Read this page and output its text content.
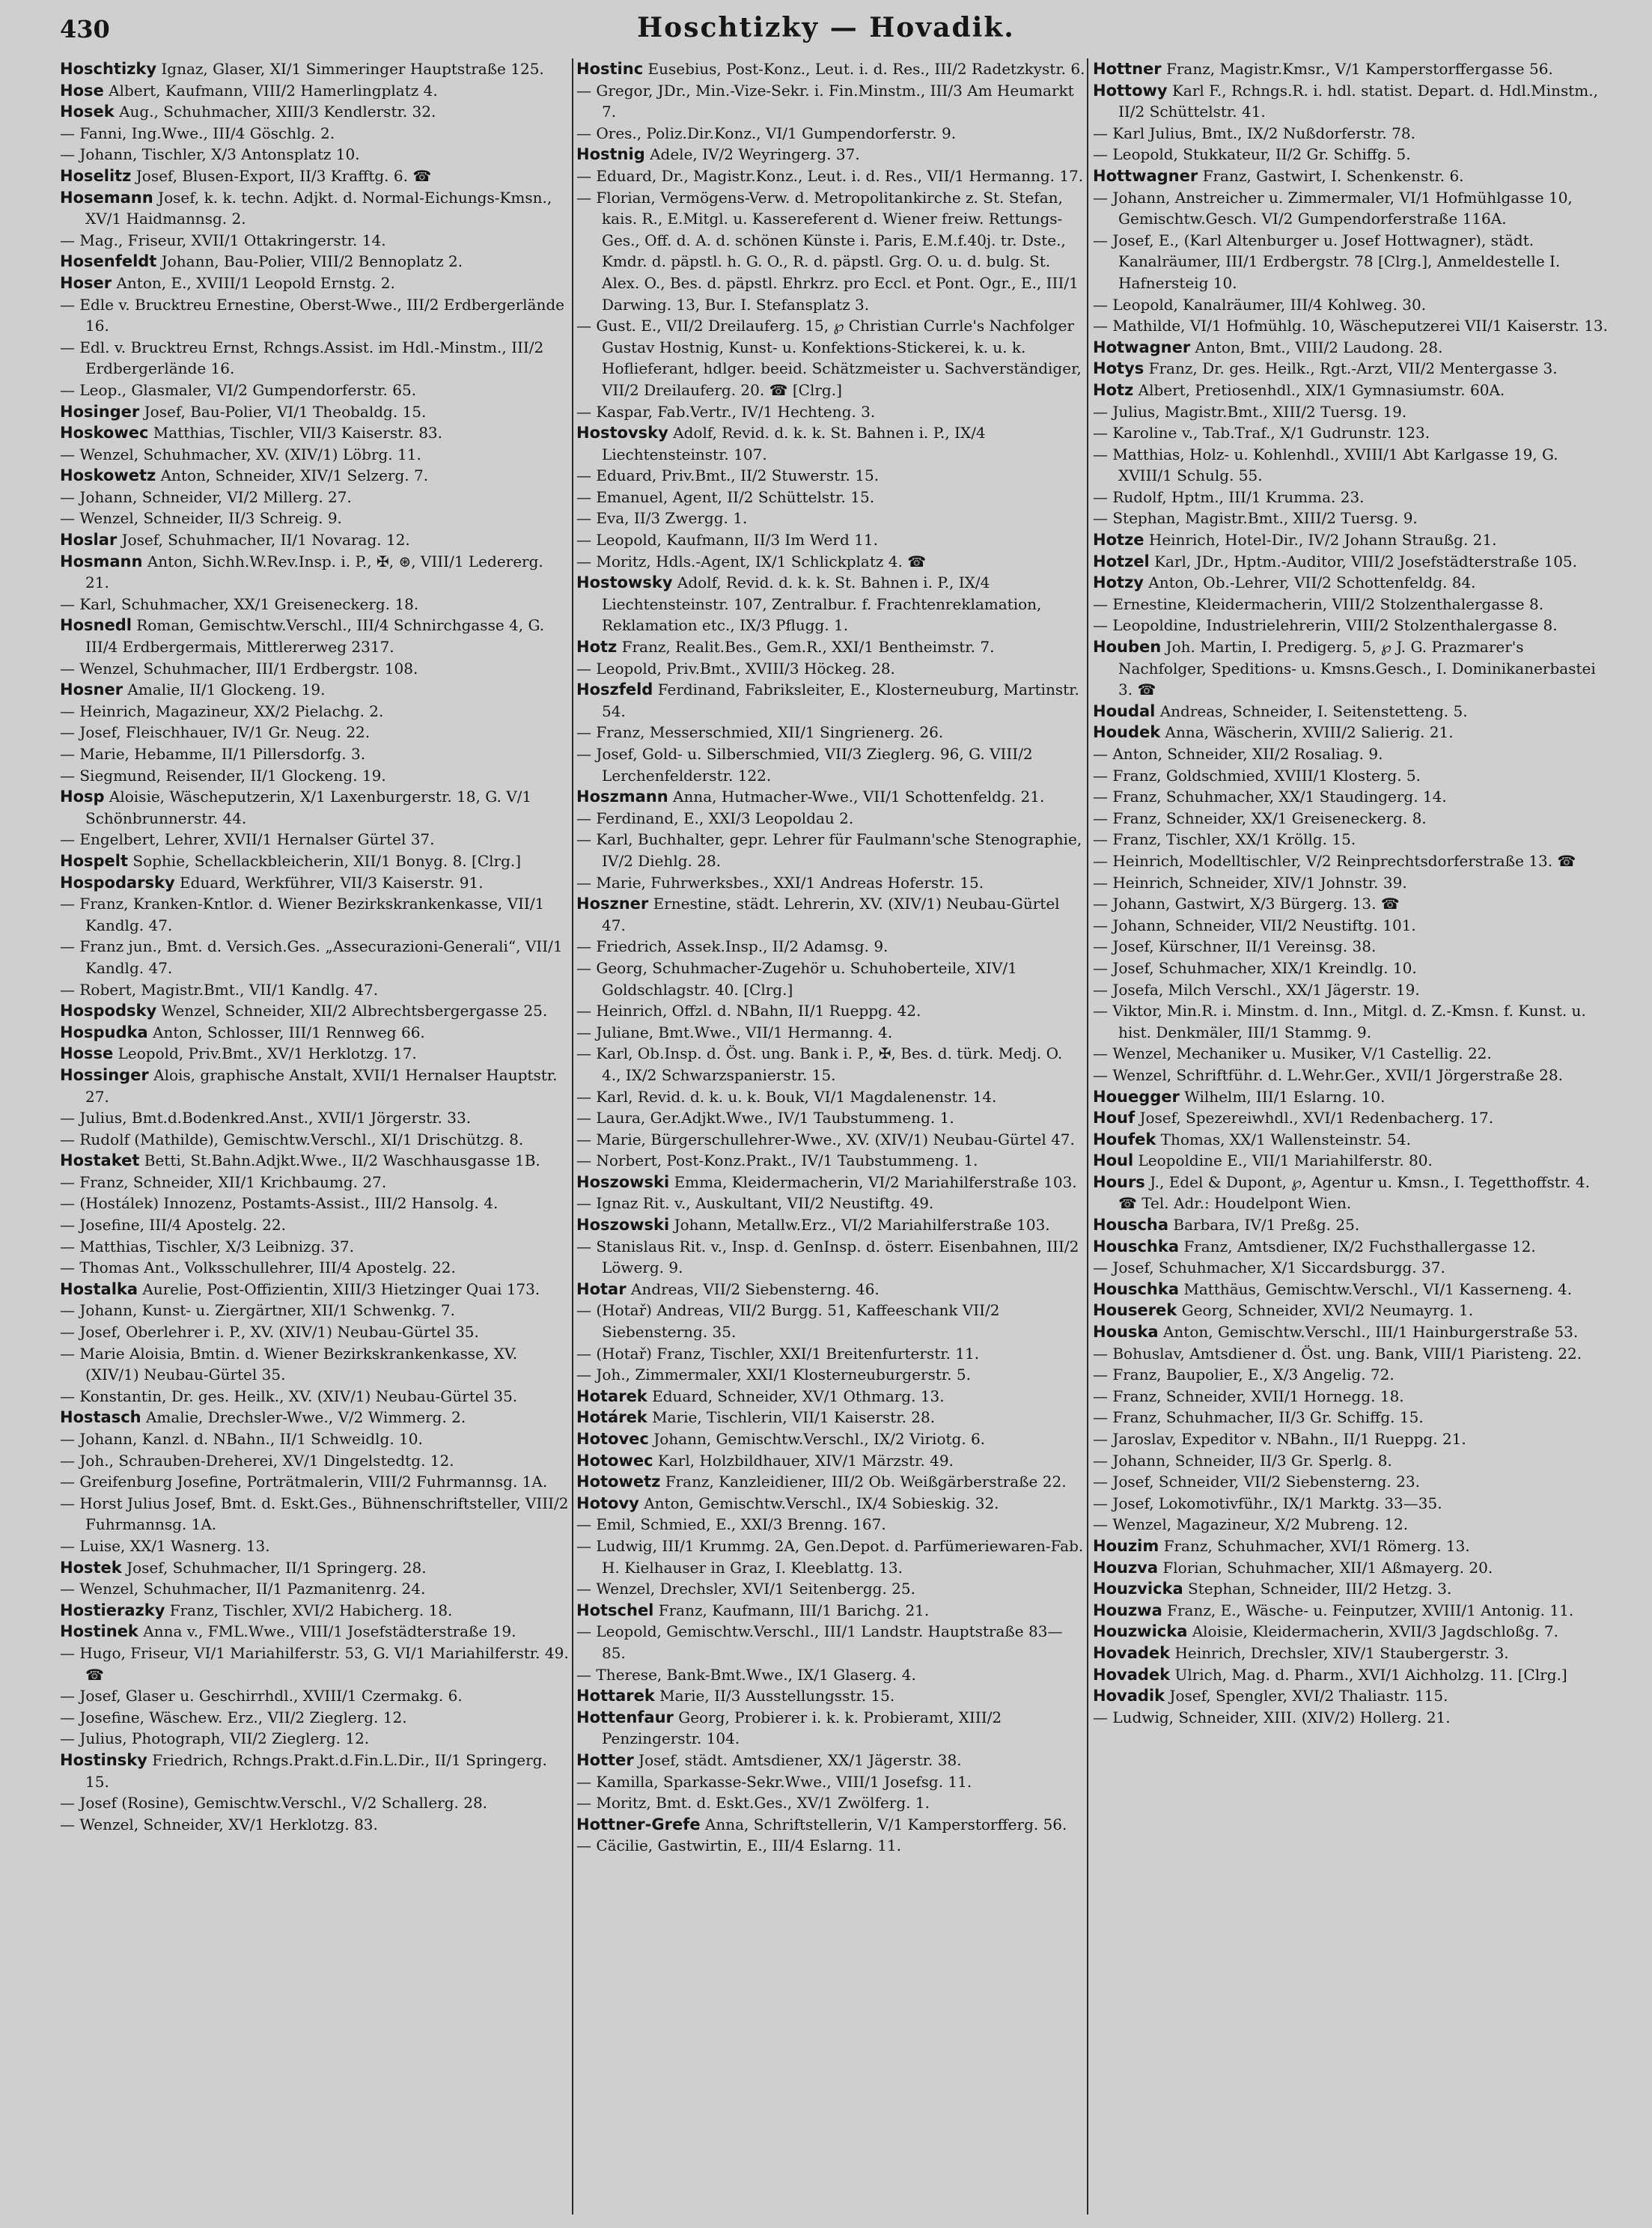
430	Hoschtizky — Hovadik.

Hoschtizky Ignaz, Glaser, XI/1 Simmeringer Hauptstraße 125.

Hose Albert, Kaufmann, VIII/2 Hamerlingplatz 4.

Hosek Aug., Schuhmacher, XIII/3 Kendlerstr. 32.

— Fanni, Ing.Wwe., III/4 Göschlg. 2.

— Johann, Tischler, X/3 Antonsplatz 10.

Hoselitz Josef, Blusen-Export, II/3 Krafftg. 6. ☎

Hosemann Josef, k. k. techn. Adjkt. d. Normal-Eichungs-Kmsn., XV/1 Haidmannsg. 2.

— Mag., Friseur, XVII/1 Ottakringerstr. 14.

Hosenfeldt Johann, Bau-Polier, VIII/2 Bennoplatz 2.

Hoser Anton, E., XVIII/1 Leopold Ernstg. 2.

— Edle v. Brucktreu Ernestine, Oberst-Wwe., III/2 Erdbergerlände 16.

— Edl. v. Brucktreu Ernst, Rchngs.Assist. im Hdl.-Minstm., III/2 Erdbergerlände 16.

— Leop., Glasmaler, VI/2 Gumpendorferstr. 65.

Hosinger Josef, Bau-Polier, VI/1 Theobaldg. 15.

Hoskowec Matthias, Tischler, VII/3 Kaiserstr. 83.

— Wenzel, Schuhmacher, XV. (XIV/1) Löbrg. 11.

Hoskowetz Anton, Schneider, XIV/1 Selzerg. 7.

— Johann, Schneider, VI/2 Millerg. 27.

— Wenzel, Schneider, II/3 Schreig. 9.

Hoslar Josef, Schuhmacher, II/1 Novarag. 12.

Hosmann Anton, Sichh.W.Rev.Insp. i. P., ✠, ⊛, VIII/1 Ledererg. 21.

— Karl, Schuhmacher, XX/1 Greiseneckerg. 18.

Hosnedl Roman, Gemischtw.Verschl., III/4 Schnirchgasse 4, G. III/4 Erdbergermais, Mittlererweg 2317.

— Wenzel, Schuhmacher, III/1 Erdbergstr. 108.

Hosner Amalie, II/1 Glockeng. 19.

— Heinrich, Magazineur, XX/2 Pielachg. 2.

— Josef, Fleischhauer, IV/1 Gr. Neug. 22.

— Marie, Hebamme, II/1 Pillersdorfg. 3.

— Siegmund, Reisender, II/1 Glockeng. 19.

Hosp Aloisie, Wäscheputzerin, X/1 Laxenburgerstr. 18, G. V/1 Schönbrunnerstr. 44.

— Engelbert, Lehrer, XVII/1 Hernalser Gürtel 37.

Hospelt Sophie, Schellackbleicherin, XII/1 Bonyg. 8. [Clrg.]

Hospodarsky Eduard, Werkführer, VII/3 Kaiserstr. 91.

— Franz, Kranken-Kntlor. d. Wiener Bezirkskrankenkasse, VII/1 Kandlg. 47.

— Franz jun., Bmt. d. Versich.Ges. „Assecurazioni-Generali“, VII/1 Kandlg. 47.

— Robert, Magistr.Bmt., VII/1 Kandlg. 47.

Hospodsky Wenzel, Schneider, XII/2 Albrechtsbergergasse 25.

Hospudka Anton, Schlosser, III/1 Rennweg 66.

Hosse Leopold, Priv.Bmt., XV/1 Herklotzg. 17.

Hossinger Alois, graphische Anstalt, XVII/1 Hernalser Hauptstr. 27.

— Julius, Bmt.d.Bodenkred.Anst., XVII/1 Jörgerstr. 33.

— Rudolf (Mathilde), Gemischtw.Verschl., XI/1 Drischützg. 8.

Hostaket Betti, St.Bahn.Adjkt.Wwe., II/2 Waschhausgasse 1B.

— Franz, Schneider, XII/1 Krichbaumg. 27.

— (Hostálek) Innozenz, Postamts-Assist., III/2 Hansolg. 4.

— Josefine, III/4 Apostelg. 22.

— Matthias, Tischler, X/3 Leibnizg. 37.

— Thomas Ant., Volksschullehrer, III/4 Apostelg. 22.

Hostalka Aurelie, Post-Offizientin, XIII/3 Hietzinger Quai 173.

— Johann, Kunst- u. Ziergärtner, XII/1 Schwenkg. 7.

— Josef, Oberlehrer i. P., XV. (XIV/1) Neubau-Gürtel 35.

— Marie Aloisia, Bmtin. d. Wiener Bezirkskrankenkasse, XV. (XIV/1) Neubau-Gürtel 35.

— Konstantin, Dr. ges. Heilk., XV. (XIV/1) Neubau-Gürtel 35.

Hostasch Amalie, Drechsler-Wwe., V/2 Wimmerg. 2.

— Johann, Kanzl. d. NBahn., II/1 Schweidlg. 10.

— Joh., Schrauben-Dreherei, XV/1 Dingelstedtg. 12.

— Greifenburg Josefine, Porträtmalerin, VIII/2 Fuhrmannsg. 1A.

— Horst Julius Josef, Bmt. d. Eskt.Ges., Bühnenschriftsteller, VIII/2 Fuhrmannsg. 1A.

— Luise, XX/1 Wasnerg. 13.

Hostek Josef, Schuhmacher, II/1 Springerg. 28.

— Wenzel, Schuhmacher, II/1 Pazmanitenrg. 24.

Hostierazky Franz, Tischler, XVI/2 Habicherg. 18.

Hostinek Anna v., FML.Wwe., VIII/1 Josefstädterstraße 19.

— Hugo, Friseur, VI/1 Mariahilferstr. 53, G. VI/1 Mariahilferstr. 49. ☎

— Josef, Glaser u. Geschirrhdl., XVIII/1 Czermakg. 6.

— Josefine, Wäschew. Erz., VII/2 Zieglerg. 12.

— Julius, Photograph, VII/2 Zieglerg. 12.

Hostinsky Friedrich, Rchngs.Prakt.d.Fin.L.Dir., II/1 Springerg. 15.

— Josef (Rosine), Gemischtw.Verschl., V/2 Schallerg. 28.

— Wenzel, Schneider, XV/1 Herklotzg. 83.

Hostinc Eusebius, Post-Konz., Leut. i. d. Res., III/2 Radetzkystr. 6.

— Gregor, JDr., Min.-Vize-Sekr. i. Fin.Minstm., III/3 Am Heumarkt 7.

— Ores., Poliz.Dir.Konz., VI/1 Gumpendorferstr. 9.

Hostnig Adele, IV/2 Weyringerg. 37.

— Eduard, Dr., Magistr.Konz., Leut. i. d. Res., VII/1 Hermanng. 17.

— Florian, Vermögens-Verw. d. Metropolitankirche z. St. Stefan, kais. R., E.Mitgl. u. Kassereferent d. Wiener freiw. Rettungs-Ges., Off. d. A. d. schönen Künste i. Paris, E.M.f.40j. tr. Dste., Kmdr. d. päpstl. h. G. O., R. d. päpstl. Grg. O. u. d. bulg. St. Alex. O., Bes. d. päpstl. Ehrkrz. pro Eccl. et Pont. Ogr., E., III/1 Darwing. 13, Bur. I. Stefansplatz 3.

— Gust. E., VII/2 Dreilauferg. 15, ℘ Christian Currle's Nachfolger Gustav Hostnig, Kunst- u. Konfektions-Stickerei, k. u. k. Hoflieferant, hdlger. beeid. Schätzmeister u. Sachverständiger, VII/2 Dreilauferg. 20. ☎ [Clrg.]

— Kaspar, Fab.Vertr., IV/1 Hechteng. 3.

Hostovsky Adolf, Revid. d. k. k. St. Bahnen i. P., IX/4 Liechtensteinstr. 107.

— Eduard, Priv.Bmt., II/2 Stuwerstr. 15.

— Emanuel, Agent, II/2 Schüttelstr. 15.

— Eva, II/3 Zwergg. 1.

— Leopold, Kaufmann, II/3 Im Werd 11.

— Moritz, Hdls.-Agent, IX/1 Schlickplatz 4. ☎

Hostowsky Adolf, Revid. d. k. k. St. Bahnen i. P., IX/4 Liechtensteinstr. 107, Zentralbur. f. Frachtenreklamation, Reklamation etc., IX/3 Pflugg. 1.

Hotz Franz, Realit.Bes., Gem.R., XXI/1 Bentheimstr. 7.

— Leopold, Priv.Bmt., XVIII/3 Höckeg. 28.

Hoszfeld Ferdinand, Fabriksleiter, E., Klosterneuburg, Martinstr. 54.

— Franz, Messerschmied, XII/1 Singrienerg. 26.

— Josef, Gold- u. Silberschmied, VII/3 Zieglerg. 96, G. VIII/2 Lerchenfelderstr. 122.

Hoszmann Anna, Hutmacher-Wwe., VII/1 Schottenfeldg. 21.

— Ferdinand, E., XXI/3 Leopoldau 2.

— Karl, Buchhalter, gepr. Lehrer für Faulmann'sche Stenographie, IV/2 Diehlg. 28.

— Marie, Fuhrwerksbes., XXI/1 Andreas Hoferstr. 15.

Hoszner Ernestine, städt. Lehrerin, XV. (XIV/1) Neubau-Gürtel 47.

— Friedrich, Assek.Insp., II/2 Adamsg. 9.

— Georg, Schuhmacher-Zugehör u. Schuhoberteile, XIV/1 Goldschlagstr. 40. [Clrg.]

— Heinrich, Offzl. d. NBahn, II/1 Rueppg. 42.

— Juliane, Bmt.Wwe., VII/1 Hermanng. 4.

— Karl, Ob.Insp. d. Öst. ung. Bank i. P., ✠, Bes. d. türk. Medj. O. 4., IX/2 Schwarzspanierstr. 15.

— Karl, Revid. d. k. u. k. Bouk, VI/1 Magdalenenstr. 14.

— Laura, Ger.Adjkt.Wwe., IV/1 Taubstummeng. 1.

— Marie, Bürgerschullehrer-Wwe., XV. (XIV/1) Neubau-Gürtel 47.

— Norbert, Post-Konz.Prakt., IV/1 Taubstummeng. 1.

Hoszowski Emma, Kleidermacherin, VI/2 Mariahilferstraße 103.

— Ignaz Rit. v., Auskultant, VII/2 Neustiftg. 49.

Hoszowski Johann, Metallw.Erz., VI/2 Mariahilferstraße 103.

— Stanislaus Rit. v., Insp. d. GenInsp. d. österr. Eisenbahnen, III/2 Löwerg. 9.

Hotar Andreas, VII/2 Siebensterng. 46.

— (Hotař) Andreas, VII/2 Burgg. 51, Kaffeeschank VII/2 Siebensterng. 35.

— (Hotař) Franz, Tischler, XXI/1 Breitenfurterstr. 11.

— Joh., Zimmermaler, XXI/1 Klosterneuburgerstr. 5.

Hotarek Eduard, Schneider, XV/1 Othmarg. 13.

Hotárek Marie, Tischlerin, VII/1 Kaiserstr. 28.

Hotovec Johann, Gemischtw.Verschl., IX/2 Viriotg. 6.

Hotowec Karl, Holzbildhauer, XIV/1 Märzstr. 49.

Hotowetz Franz, Kanzleidiener, III/2 Ob. Weißgärberstraße 22.

Hotovy Anton, Gemischtw.Verschl., IX/4 Sobieskig. 32.

— Emil, Schmied, E., XXI/3 Brenng. 167.

— Ludwig, III/1 Krummg. 2A, Gen.Depot. d. Parfümeriewaren-Fab. H. Kielhauser in Graz, I. Kleeblattg. 13.

— Wenzel, Drechsler, XVI/1 Seitenbergg. 25.

Hotschel Franz, Kaufmann, III/1 Barichg. 21.

— Leopold, Gemischtw.Verschl., III/1 Landstr. Hauptstraße 83—85.

— Therese, Bank-Bmt.Wwe., IX/1 Glaserg. 4.

Hottarek Marie, II/3 Ausstellungsstr. 15.

Hottenfaur Georg, Probierer i. k. k. Probieramt, XIII/2 Penzingerstr. 104.

Hotter Josef, städt. Amtsdiener, XX/1 Jägerstr. 38.

— Kamilla, Sparkasse-Sekr.Wwe., VIII/1 Josefsg. 11.

— Moritz, Bmt. d. Eskt.Ges., XV/1 Zwölferg. 1.

Hottner-Grefe Anna, Schriftstellerin, V/1 Kamperstorfferg. 56.

— Cäcilie, Gastwirtin, E., III/4 Eslarng. 11.

Hottner Franz, Magistr.Kmsr., V/1 Kamperstorffergasse 56.

Hottowy Karl F., Rchngs.R. i. hdl. statist. Depart. d. Hdl.Minstm., II/2 Schüttelstr. 41.

— Karl Julius, Bmt., IX/2 Nußdorferstr. 78.

— Leopold, Stukkateur, II/2 Gr. Schiffg. 5.

Hottwagner Franz, Gastwirt, I. Schenkenstr. 6.

— Johann, Anstreicher u. Zimmermaler, VI/1 Hofmühlgasse 10, Gemischtw.Gesch. VI/2 Gumpendorferstraße 116A.

— Josef, E., (Karl Altenburger u. Josef Hottwagner), städt. Kanalräumer, III/1 Erdbergstr. 78 [Clrg.], Anmeldestelle I. Hafnersteig 10.

— Leopold, Kanalräumer, III/4 Kohlweg. 30.

— Mathilde, VI/1 Hofmühlg. 10, Wäscheputzerei VII/1 Kaiserstr. 13.

Hotwagner Anton, Bmt., VIII/2 Laudong. 28.

Hotys Franz, Dr. ges. Heilk., Rgt.-Arzt, VII/2 Mentergasse 3.

Hotz Albert, Pretiosenhdl., XIX/1 Gymnasiumstr. 60A.

— Julius, Magistr.Bmt., XIII/2 Tuersg. 19.

— Karoline v., Tab.Traf., X/1 Gudrunstr. 123.

— Matthias, Holz- u. Kohlenhdl., XVIII/1 Abt Karlgasse 19, G. XVIII/1 Schulg. 55.

— Rudolf, Hptm., III/1 Krumma. 23.

— Stephan, Magistr.Bmt., XIII/2 Tuersg. 9.

Hotze Heinrich, Hotel-Dir., IV/2 Johann Straußg. 21.

Hotzel Karl, JDr., Hptm.-Auditor, VIII/2 Josefstädterstraße 105.

Hotzy Anton, Ob.-Lehrer, VII/2 Schottenfeldg. 84.

— Ernestine, Kleidermacherin, VIII/2 Stolzenthalergasse 8.

— Leopoldine, Industrielehrerin, VIII/2 Stolzenthalergasse 8.

Houben Joh. Martin, I. Predigerg. 5, ℘ J. G. Prazmarer's Nachfolger, Speditions- u. Kmsns.Gesch., I. Dominikanerbastei 3. ☎

Houdal Andreas, Schneider, I. Seitenstetteng. 5.

Houdek Anna, Wäscherin, XVIII/2 Salierig. 21.

— Anton, Schneider, XII/2 Rosaliag. 9.

— Franz, Goldschmied, XVIII/1 Klosterg. 5.

— Franz, Schuhmacher, XX/1 Staudingerg. 14.

— Franz, Schneider, XX/1 Greiseneckerg. 8.

— Franz, Tischler, XX/1 Kröllg. 15.

— Heinrich, Modelltischler, V/2 Reinprechtsdorferstraße 13. ☎

— Heinrich, Schneider, XIV/1 Johnstr. 39.

— Johann, Gastwirt, X/3 Bürgerg. 13. ☎

— Johann, Schneider, VII/2 Neustiftg. 101.

— Josef, Kürschner, II/1 Vereinsg. 38.

— Josef, Schuhmacher, XIX/1 Kreindlg. 10.

— Josefa, Milch Verschl., XX/1 Jägerstr. 19.

— Viktor, Min.R. i. Minstm. d. Inn., Mitgl. d. Z.-Kmsn. f. Kunst. u. hist. Denkmäler, III/1 Stammg. 9.

— Wenzel, Mechaniker u. Musiker, V/1 Castellig. 22.

— Wenzel, Schriftführ. d. L.Wehr.Ger., XVII/1 Jörgerstraße 28.

Houegger Wilhelm, III/1 Eslarng. 10.

Houf Josef, Spezereiwhdl., XVI/1 Redenbacherg. 17.

Houfek Thomas, XX/1 Wallensteinstr. 54.

Houl Leopoldine E., VII/1 Mariahilferstr. 80.

Hours J., Edel & Dupont, ℘, Agentur u. Kmsn., I. Tegetthoffstr. 4. ☎ Tel. Adr.: Houdelpont Wien.

Houscha Barbara, IV/1 Preßg. 25.

Houschka Franz, Amtsdiener, IX/2 Fuchsthallergasse 12.

— Josef, Schuhmacher, X/1 Siccardsburgg. 37.

Houschka Matthäus, Gemischtw.Verschl., VI/1 Kasserneng. 4.

Houserek Georg, Schneider, XVI/2 Neumayrg. 1.

Houska Anton, Gemischtw.Verschl., III/1 Hainburgerstraße 53.

— Bohuslav, Amtsdiener d. Öst. ung. Bank, VIII/1 Piaristeng. 22.

— Franz, Baupolier, E., X/3 Angelig. 72.

— Franz, Schneider, XVII/1 Hornegg. 18.

— Franz, Schuhmacher, II/3 Gr. Schiffg. 15.

— Jaroslav, Expeditor v. NBahn., II/1 Rueppg. 21.

— Johann, Schneider, II/3 Gr. Sperlg. 8.

— Josef, Schneider, VII/2 Siebensterng. 23.

— Josef, Lokomotivführ., IX/1 Marktg. 33—35.

— Wenzel, Magazineur, X/2 Mubreng. 12.

Houzim Franz, Schuhmacher, XVI/1 Römerg. 13.

Houzva Florian, Schuhmacher, XII/1 Aßmayerg. 20.

Houzvicka Stephan, Schneider, III/2 Hetzg. 3.

Houzwa Franz, E., Wäsche- u. Feinputzer, XVIII/1 Antonig. 11.

Houzwicka Aloisie, Kleidermacherin, XVII/3 Jagdschloßg. 7.

Hovadek Heinrich, Drechsler, XIV/1 Staubergerstr. 3.

Hovadek Ulrich, Mag. d. Pharm., XVI/1 Aichholzg. 11. [Clrg.]

Hovadik Josef, Spengler, XVI/2 Thaliastr. 115.

— Ludwig, Schneider, XIII. (XIV/2) Hollerg. 21.
